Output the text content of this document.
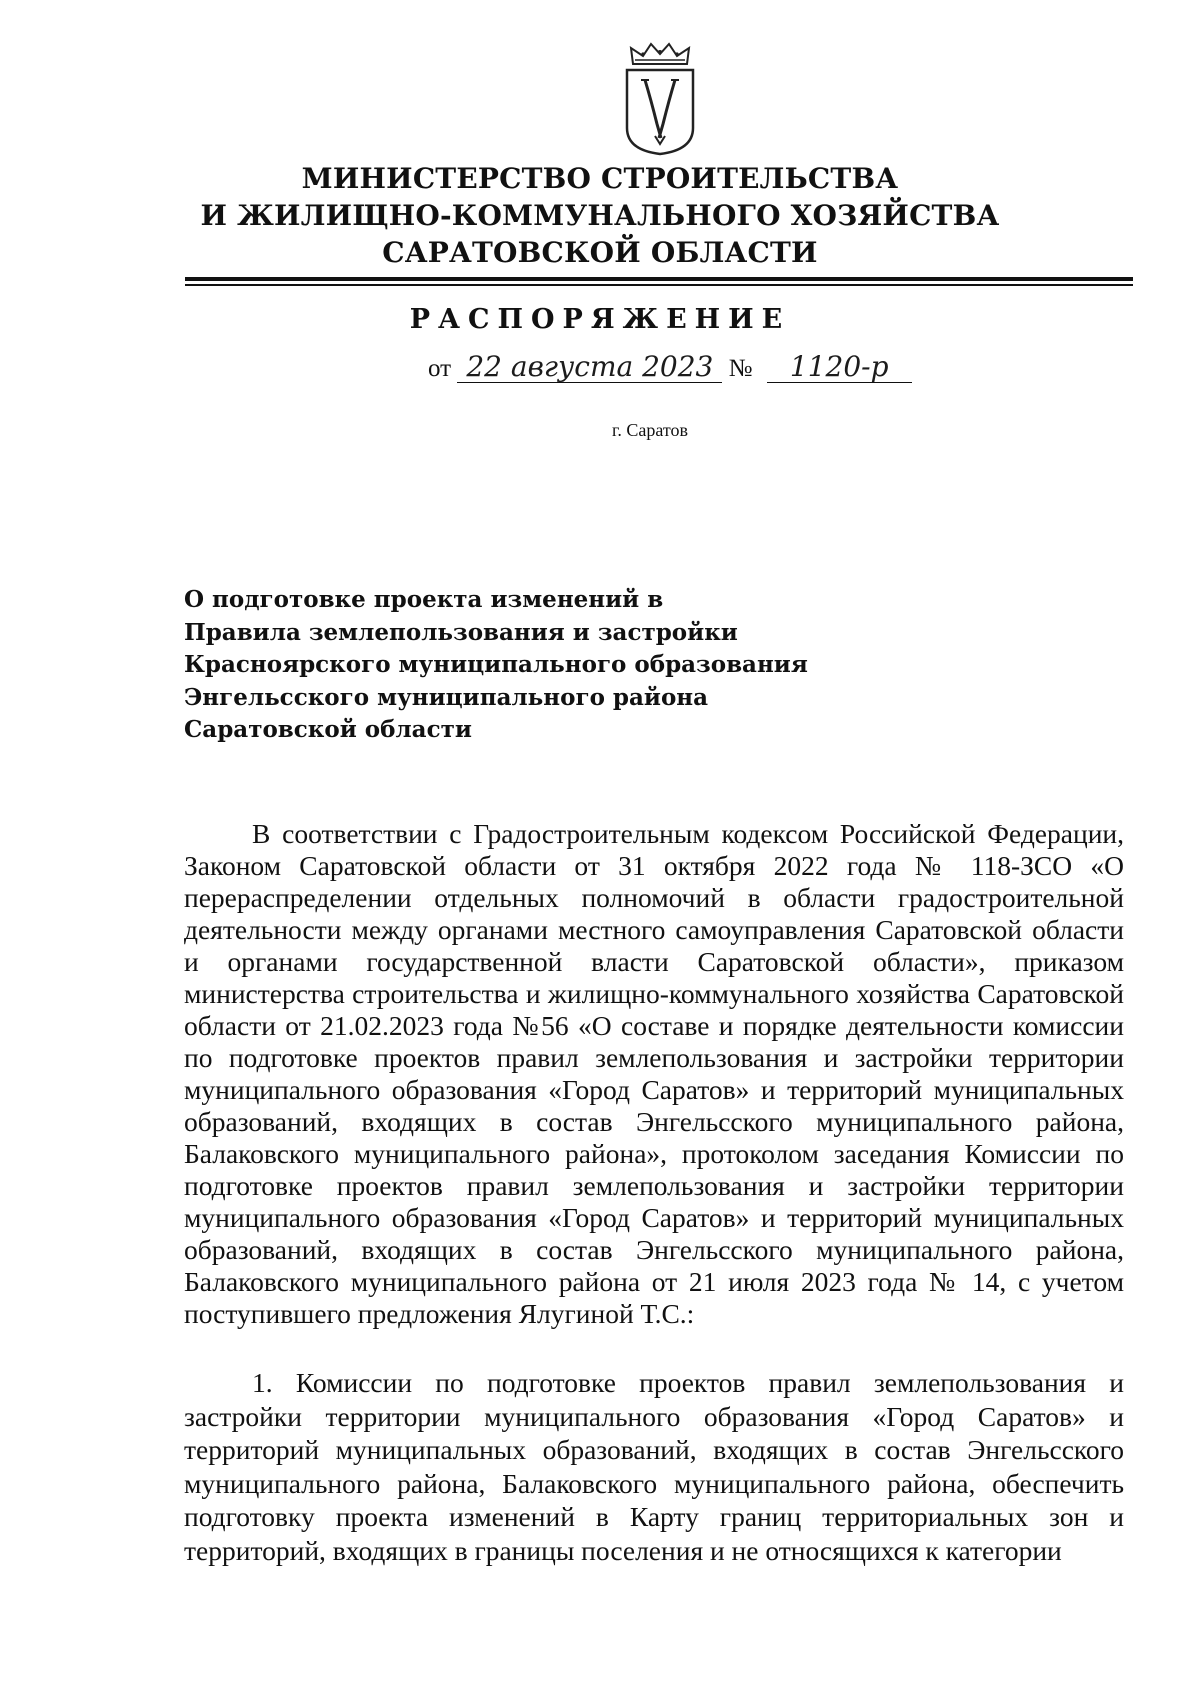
МИНИСТЕРСТВО СТРОИТЕЛЬСТВА
И ЖИЛИЩНО-КОММУНАЛЬНОГО ХОЗЯЙСТВА
САРАТОВСКОЙ ОБЛАСТИ
РАСПОРЯЖЕНИЕ
от 22 августа 2023 № 1120-р
г. Саратов
О подготовке проекта изменений в
Правила землепользования и застройки
Красноярского муниципального образования
Энгельсского муниципального района
Саратовской области

В соответствии с Градостроительным кодексом Российской Федерации, Законом Саратовской области от 31 октября 2022 года № 118-ЗСО «О перераспределении отдельных полномочий в области градостроительной деятельности между органами местного самоуправления Саратовской области и органами государственной власти Саратовской области», приказом министерства строительства и жилищно-коммунального хозяйства Саратовской области от 21.02.2023 года №56 «О составе и порядке деятельности комиссии по подготовке проектов правил землепользования и застройки территории муниципального образования «Город Саратов» и территорий муниципальных образований, входящих в состав Энгельсского муниципального района, Балаковского муниципального района», протоколом заседания Комиссии по подготовке проектов правил землепользования и застройки территории муниципального образования «Город Саратов» и территорий муниципальных образований, входящих в состав Энгельсского муниципального района, Балаковского муниципального района от 21 июля 2023 года № 14, с учетом поступившего предложения Ялугиной Т.С.:

1. Комиссии по подготовке проектов правил землепользования и застройки территории муниципального образования «Город Саратов» и территорий муниципальных образований, входящих в состав Энгельсского муниципального района, Балаковского муниципального района, обеспечить подготовку проекта изменений в Карту границ территориальных зон и территорий, входящих в границы поселения и не относящихся к категории
